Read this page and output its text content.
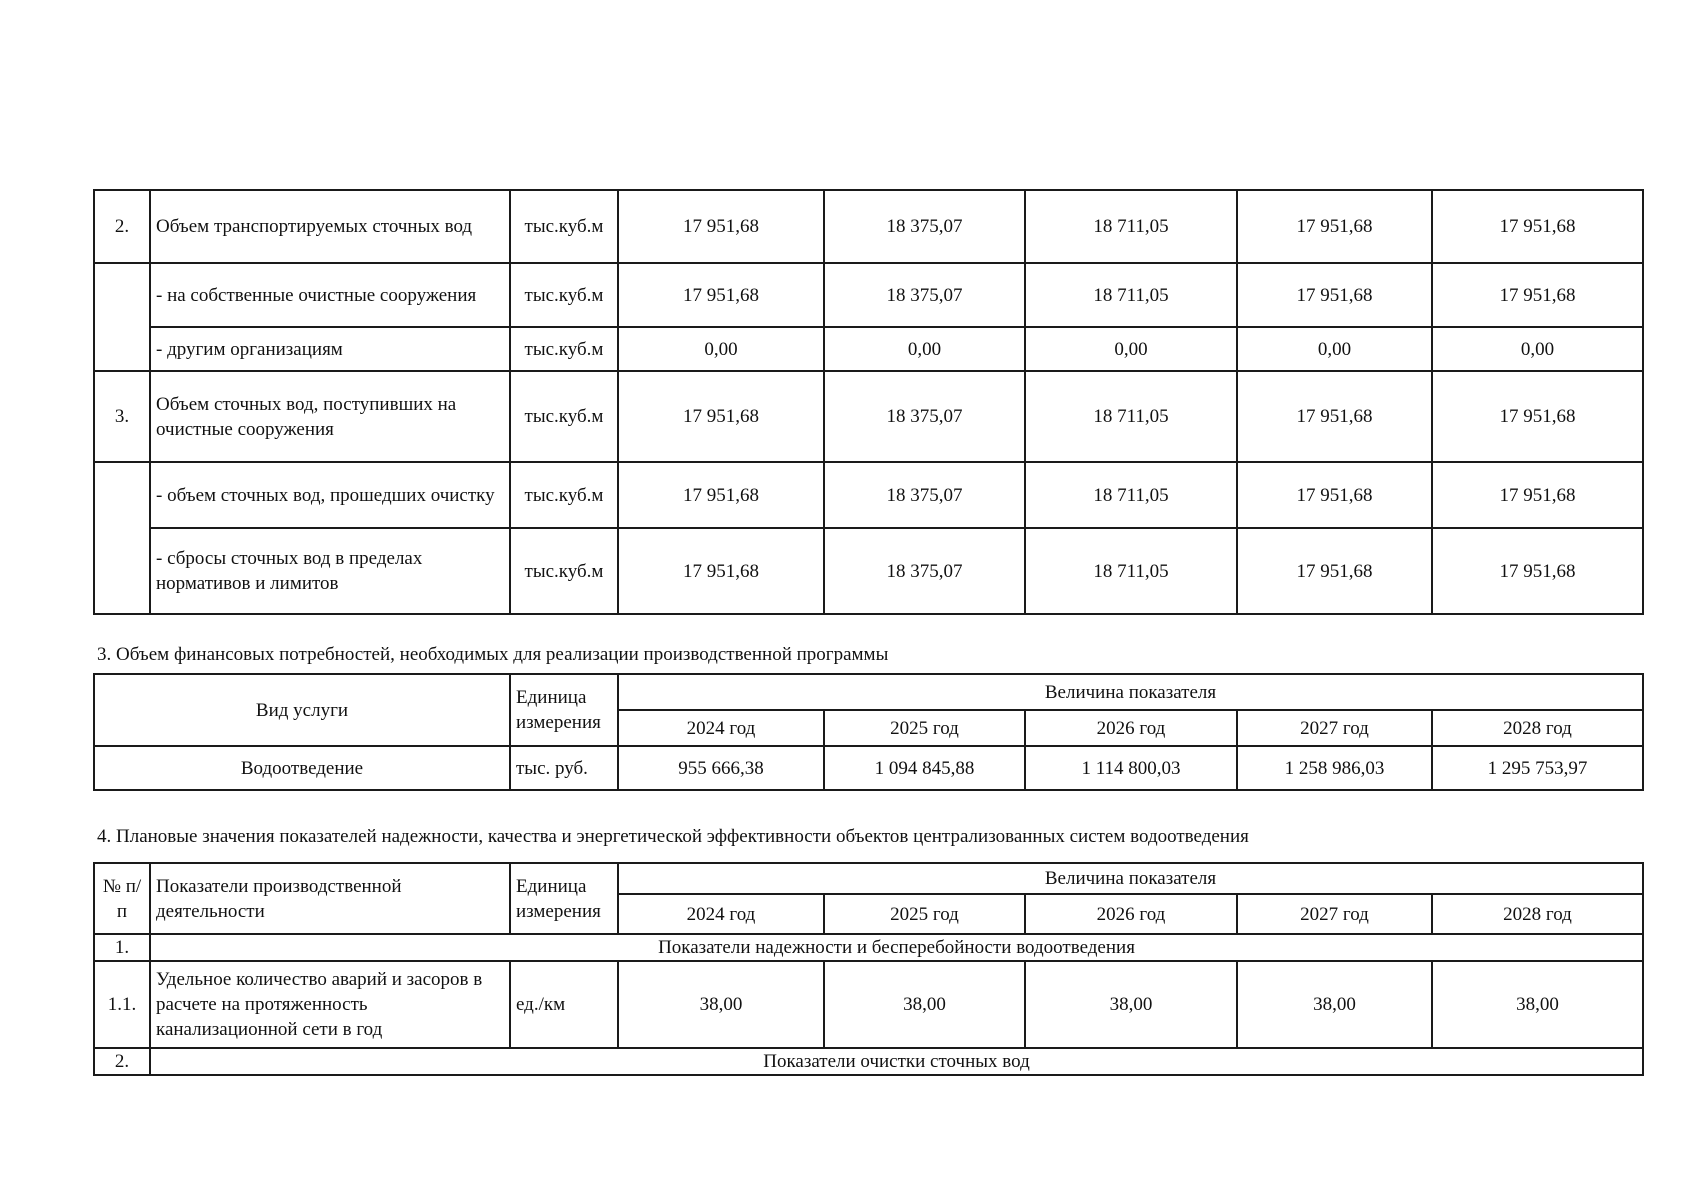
2.	Объем транспортируемых сточных вод	тыс.куб.м	17 951,68	18 375,07	18 711,05	17 951,68	17 951,68
	- на собственные очистные сооружения	тыс.куб.м	17 951,68	18 375,07	18 711,05	17 951,68	17 951,68
	- другим организациям	тыс.куб.м	0,00	0,00	0,00	0,00	0,00
3.	Объем сточных вод, поступивших на очистные сооружения	тыс.куб.м	17 951,68	18 375,07	18 711,05	17 951,68	17 951,68
	- объем сточных вод, прошедших очистку	тыс.куб.м	17 951,68	18 375,07	18 711,05	17 951,68	17 951,68
	- сбросы сточных вод в пределах нормативов и лимитов	тыс.куб.м	17 951,68	18 375,07	18 711,05	17 951,68	17 951,68
3. Объем финансовых потребностей, необходимых для реализации производственной программы
Вид услуги	Единица измерения	Величина показателя				
		2024 год	2025 год	2026 год	2027 год	2028 год
Водоотведение	тыс. руб.	955 666,38	1 094 845,88	1 114 800,03	1 258 986,03	1 295 753,97
4. Плановые значения показателей надежности, качества и энергетической эффективности объектов централизованных систем водоотведения
№ п/п	Показатели производственной деятельности	Единица измерения	Величина показателя				
			2024 год	2025 год	2026 год	2027 год	2028 год
1.	Показатели надежности и бесперебойности водоотведения						
1.1.	Удельное количество аварий и засоров в расчете на протяженность канализационной сети в год	ед./км	38,00	38,00	38,00	38,00	38,00
2.	Показатели очистки сточных вод						
